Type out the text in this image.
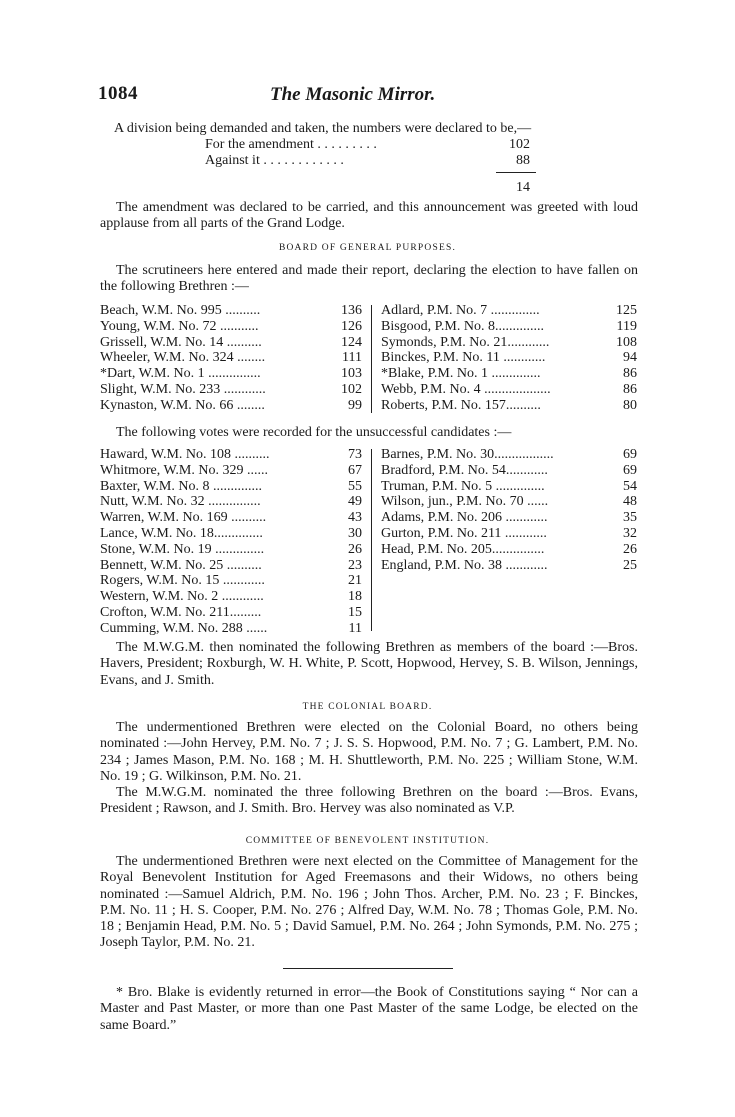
1084	The Masonic Mirror.
A division being demanded and taken, the numbers were declared to be,—
For the amendment . . . . . . . . .	102
Against it . . . . . . . . . . . .	88
14
The amendment was declared to be carried, and this announcement was greeted with loud applause from all parts of the Grand Lodge.
BOARD OF GENERAL PURPOSES.
The scrutineers here entered and made their report, declaring the election to have fallen on the following Brethren :—
Beach, W.M. No. 995 ..........	136
Young, W.M. No. 72 ...........	126
Grissell, W.M. No. 14 ..........	124
Wheeler, W.M. No. 324 ........	111
*Dart, W.M. No. 1 ...............	103
Slight, W.M. No. 233 ............	102
Kynaston, W.M. No. 66 ........	99
Adlard, P.M. No. 7 ..............	125
Bisgood, P.M. No. 8..............	119
Symonds, P.M. No. 21............	108
Binckes, P.M. No. 11 ............	94
*Blake, P.M. No. 1 ..............	86
Webb, P.M. No. 4 ...................	86
Roberts, P.M. No. 157..........	80
The following votes were recorded for the unsuccessful candidates :—
Haward, W.M. No. 108 ..........	73
Whitmore, W.M. No. 329 ......	67
Baxter, W.M. No. 8 ..............	55
Nutt, W.M. No. 32 ...............	49
Warren, W.M. No. 169 ..........	43
Lance, W.M. No. 18..............	30
Stone, W.M. No. 19 ..............	26
Bennett, W.M. No. 25 ..........	23
Rogers, W.M. No. 15 ............	21
Western, W.M. No. 2 ............	18
Crofton, W.M. No. 211.........	15
Cumming, W.M. No. 288 ......	11
Barnes, P.M. No. 30.................	69
Bradford, P.M. No. 54............	69
Truman, P.M. No. 5 ..............	54
Wilson, jun., P.M. No. 70 ......	48
Adams, P.M. No. 206 ............	35
Gurton, P.M. No. 211 ............	32
Head, P.M. No. 205...............	26
England, P.M. No. 38 ............	25
The M.W.G.M. then nominated the following Brethren as members of the board :—Bros. Havers, President; Roxburgh, W. H. White, P. Scott, Hopwood, Hervey, S. B. Wilson, Jennings, Evans, and J. Smith.
THE COLONIAL BOARD.
The undermentioned Brethren were elected on the Colonial Board, no others being nominated :—John Hervey, P.M. No. 7 ; J. S. S. Hopwood, P.M. No. 7 ; G. Lambert, P.M. No. 234 ; James Mason, P.M. No. 168 ; M. H. Shuttleworth, P.M. No. 225 ; William Stone, W.M. No. 19 ; G. Wilkinson, P.M. No. 21.
The M.W.G.M. nominated the three following Brethren on the board :—Bros. Evans, President ; Rawson, and J. Smith. Bro. Hervey was also nominated as V.P.
COMMITTEE OF BENEVOLENT INSTITUTION.
The undermentioned Brethren were next elected on the Committee of Management for the Royal Benevolent Institution for Aged Freemasons and their Widows, no others being nominated :—Samuel Aldrich, P.M. No. 196 ; John Thos. Archer, P.M. No. 23 ; F. Binckes, P.M. No. 11 ; H. S. Cooper, P.M. No. 276 ; Alfred Day, W.M. No. 78 ; Thomas Gole, P.M. No. 18 ; Benjamin Head, P.M. No. 5 ; David Samuel, P.M. No. 264 ; John Symonds, P.M. No. 275 ; Joseph Taylor, P.M. No. 21.
* Bro. Blake is evidently returned in error—the Book of Constitutions saying “ Nor can a Master and Past Master, or more than one Past Master of the same Lodge, be elected on the same Board.”
